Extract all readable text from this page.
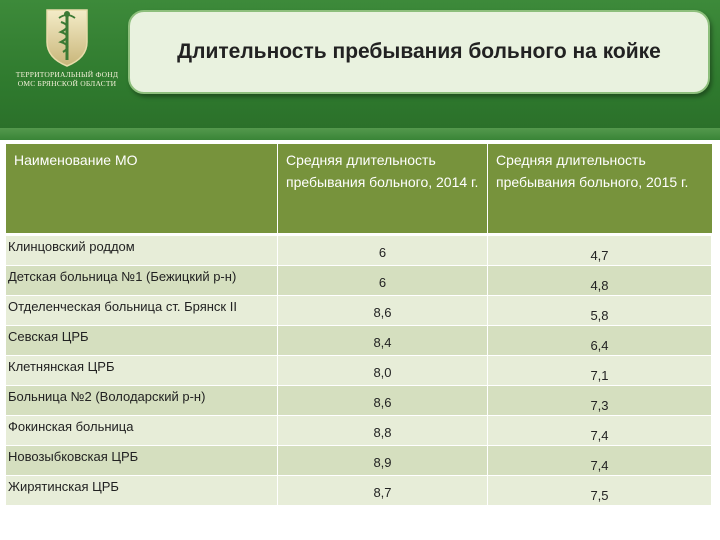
ТЕРРИТОРИАЛЬНЫЙ ФОНД
ОМС БРЯНСКОЙ ОБЛАСТИ
Длительность пребывания больного на койке
Наименование МО	Средняя длительность пребывания больного, 2014 г.	Средняя длительность пребывания больного, 2015 г.
Клинцовский роддом	6	4,7
Детская больница №1 (Бежицкий р-н)	6	4,8
Отделенческая больница ст. Брянск II	8,6	5,8
Севская ЦРБ	8,4	6,4
Клетнянская ЦРБ	8,0	7,1
Больница №2 (Володарский р-н)	8,6	7,3
Фокинская больница	8,8	7,4
Новозыбковская ЦРБ	8,9	7,4
Жирятинская ЦРБ	8,7	7,5
